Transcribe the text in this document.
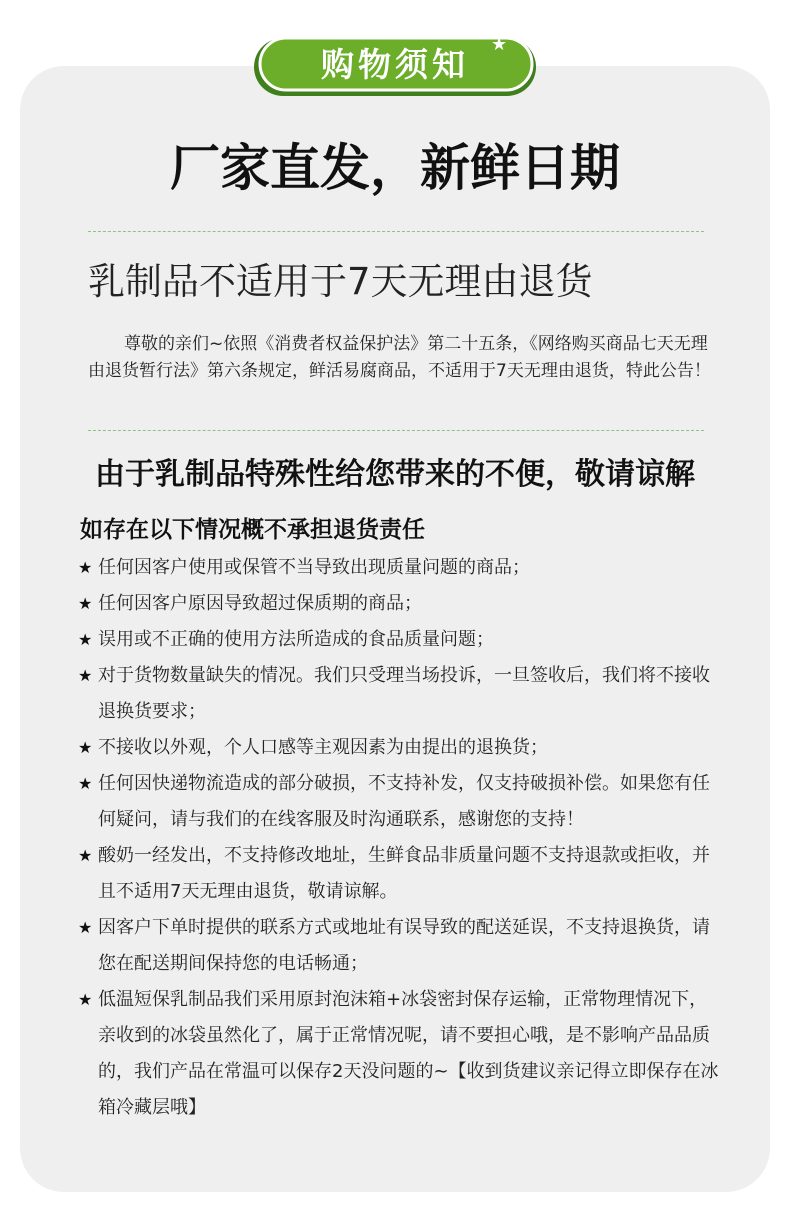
购物须知
★
厂家直发，新鲜日期
乳制品不适用于7天无理由退货
尊敬的亲们~依照《消费者权益保护法》第二十五条，《网络购买商品七天无理由退货暂行法》第六条规定，鲜活易腐商品，不适用于7天无理由退货，特此公告！
由于乳制品特殊性给您带来的不便，敬请谅解
如存在以下情况概不承担退货责任
★ 任何因客户使用或保管不当导致出现质量问题的商品；
★ 任何因客户原因导致超过保质期的商品；
★ 误用或不正确的使用方法所造成的食品质量问题；
★ 对于货物数量缺失的情况。我们只受理当场投诉，一旦签收后，我们将不接收退换货要求；
★ 不接收以外观，个人口感等主观因素为由提出的退换货；
★ 任何因快递物流造成的部分破损，不支持补发，仅支持破损补偿。如果您有任何疑问，请与我们的在线客服及时沟通联系，感谢您的支持！
★ 酸奶一经发出，不支持修改地址，生鲜食品非质量问题不支持退款或拒收，并且不适用7天无理由退货，敬请谅解。
★ 因客户下单时提供的联系方式或地址有误导致的配送延误，不支持退换货，请您在配送期间保持您的电话畅通；
★ 低温短保乳制品我们采用原封泡沫箱+冰袋密封保存运输，正常物理情况下，亲收到的冰袋虽然化了，属于正常情况呢，请不要担心哦，是不影响产品品质的，我们产品在常温可以保存2天没问题的~【收到货建议亲记得立即保存在冰箱冷藏层哦】
